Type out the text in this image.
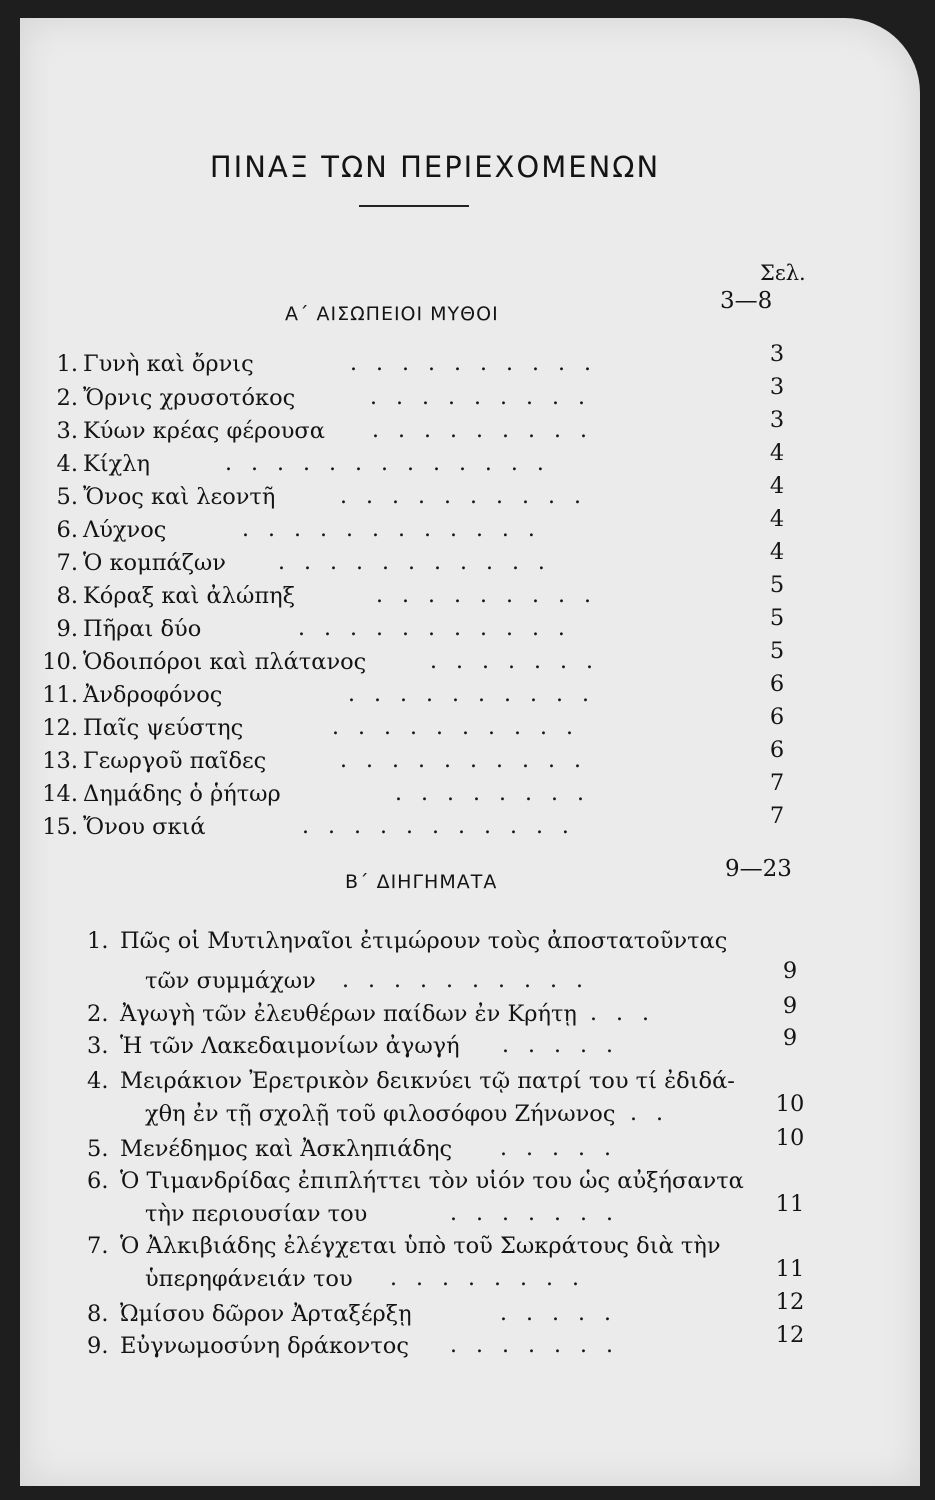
ΠΙΝΑΞ ΤΩΝ ΠΕΡΙΕΧΟΜΕΝΩΝ
Σελ.
Α΄ ΑΙΣΩΠΕΙΟΙ ΜΥΘΟΙ	3—8
1. Γυνὴ καὶ ὄρνις	..........	3
2. Ὄρνις χρυσοτόκος	.........	3
3. Κύων κρέας φέρουσα .........	3
4. Κίχλη	.............	4
5. Ὄνος καὶ λεοντῆ	..........	4
6. Λύχνος	............	4
7. Ὁ κομπάζων ...........	4
8. Κόραξ καὶ ἀλώπηξ	.........	5
9. Πῆραι δύο	...........	5
10. Ὁδοιπόροι καὶ πλάτανος	.......	5
11. Ἀνδροφόνος	..........	6
12. Παῖς ψεύστης	..........	6
13. Γεωργοῦ παῖδες	..........	6
14. Δημάδης ὁ ῥήτωρ	........	7
15. Ὄνου σκιά	...........	7
Β΄ ΔΙΗΓΗΜΑΤΑ	9—23
1. Πῶς οἱ Μυτιληναῖοι ἐτιμώρουν τοὺς ἀποστατοῦντας
τῶν συμμάχων ..........	9
2. Ἀγωγὴ τῶν ἐλευθέρων παίδων ἐν Κρήτῃ ...	9
3. Ἡ τῶν Λακεδαιμονίων ἀγωγή .....	9
4. Μειράκιον Ἐρετρικὸν δεικνύει τῷ πατρί του τί ἐδιδά-
χθη ἐν τῇ σχολῇ τοῦ φιλοσόφου Ζήνωνος ..	10
5. Μενέδημος καὶ Ἀσκληπιάδης .....	10
6. Ὁ Τιμανδρίδας ἐπιπλήττει τὸν υἱόν του ὡς αὐξήσαντα
τὴν περιουσίαν του	.......	11
7. Ὁ Ἀλκιβιάδης ἐλέγχεται ὑπὸ τοῦ Σωκράτους διὰ τὴν
ὑπερηφάνειάν του ........	11
8. Ὠμίσου δῶρον Ἀρταξέρξῃ	.....	12
9. Εὐγνωμοσύνη δράκοντος .......	12
